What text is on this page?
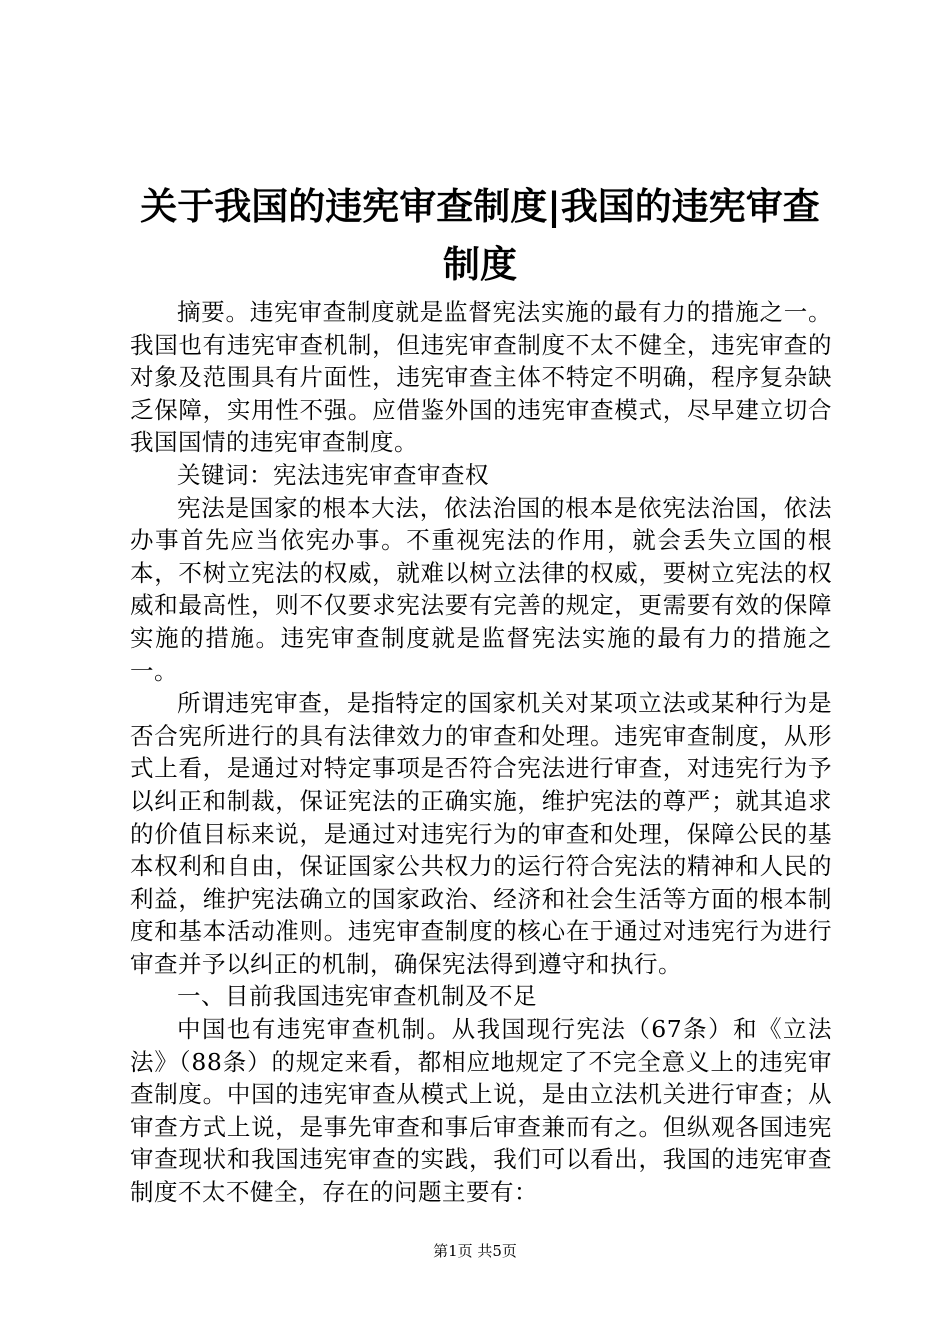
关于我国的违宪审查制度|我国的违宪审查制度

摘要。违宪审查制度就是监督宪法实施的最有力的措施之一。我国也有违宪审查机制，但违宪审查制度不太不健全，违宪审查的对象及范围具有片面性，违宪审查主体不特定不明确，程序复杂缺乏保障，实用性不强。应借鉴外国的违宪审查模式，尽早建立切合我国国情的违宪审查制度。

关键词：宪法违宪审查审查权

宪法是国家的根本大法，依法治国的根本是依宪法治国，依法办事首先应当依宪办事。不重视宪法的作用，就会丢失立国的根本，不树立宪法的权威，就难以树立法律的权威，要树立宪法的权威和最高性，则不仅要求宪法要有完善的规定，更需要有效的保障实施的措施。违宪审查制度就是监督宪法实施的最有力的措施之一。

所谓违宪审查，是指特定的国家机关对某项立法或某种行为是否合宪所进行的具有法律效力的审查和处理。违宪审查制度，从形式上看，是通过对特定事项是否符合宪法进行审查，对违宪行为予以纠正和制裁，保证宪法的正确实施，维护宪法的尊严；就其追求的价值目标来说，是通过对违宪行为的审查和处理，保障公民的基本权利和自由，保证国家公共权力的运行符合宪法的精神和人民的利益，维护宪法确立的国家政治、经济和社会生活等方面的根本制度和基本活动准则。违宪审查制度的核心在于通过对违宪行为进行审查并予以纠正的机制，确保宪法得到遵守和执行。

一、目前我国违宪审查机制及不足

中国也有违宪审查机制。从我国现行宪法（67条）和《立法法》（88条）的规定来看，都相应地规定了不完全意义上的违宪审查制度。中国的违宪审查从模式上说，是由立法机关进行审查；从审查方式上说，是事先审查和事后审查兼而有之。但纵观各国违宪审查现状和我国违宪审查的实践，我们可以看出，我国的违宪审查制度不太不健全，存在的问题主要有：

第1页 共5页
